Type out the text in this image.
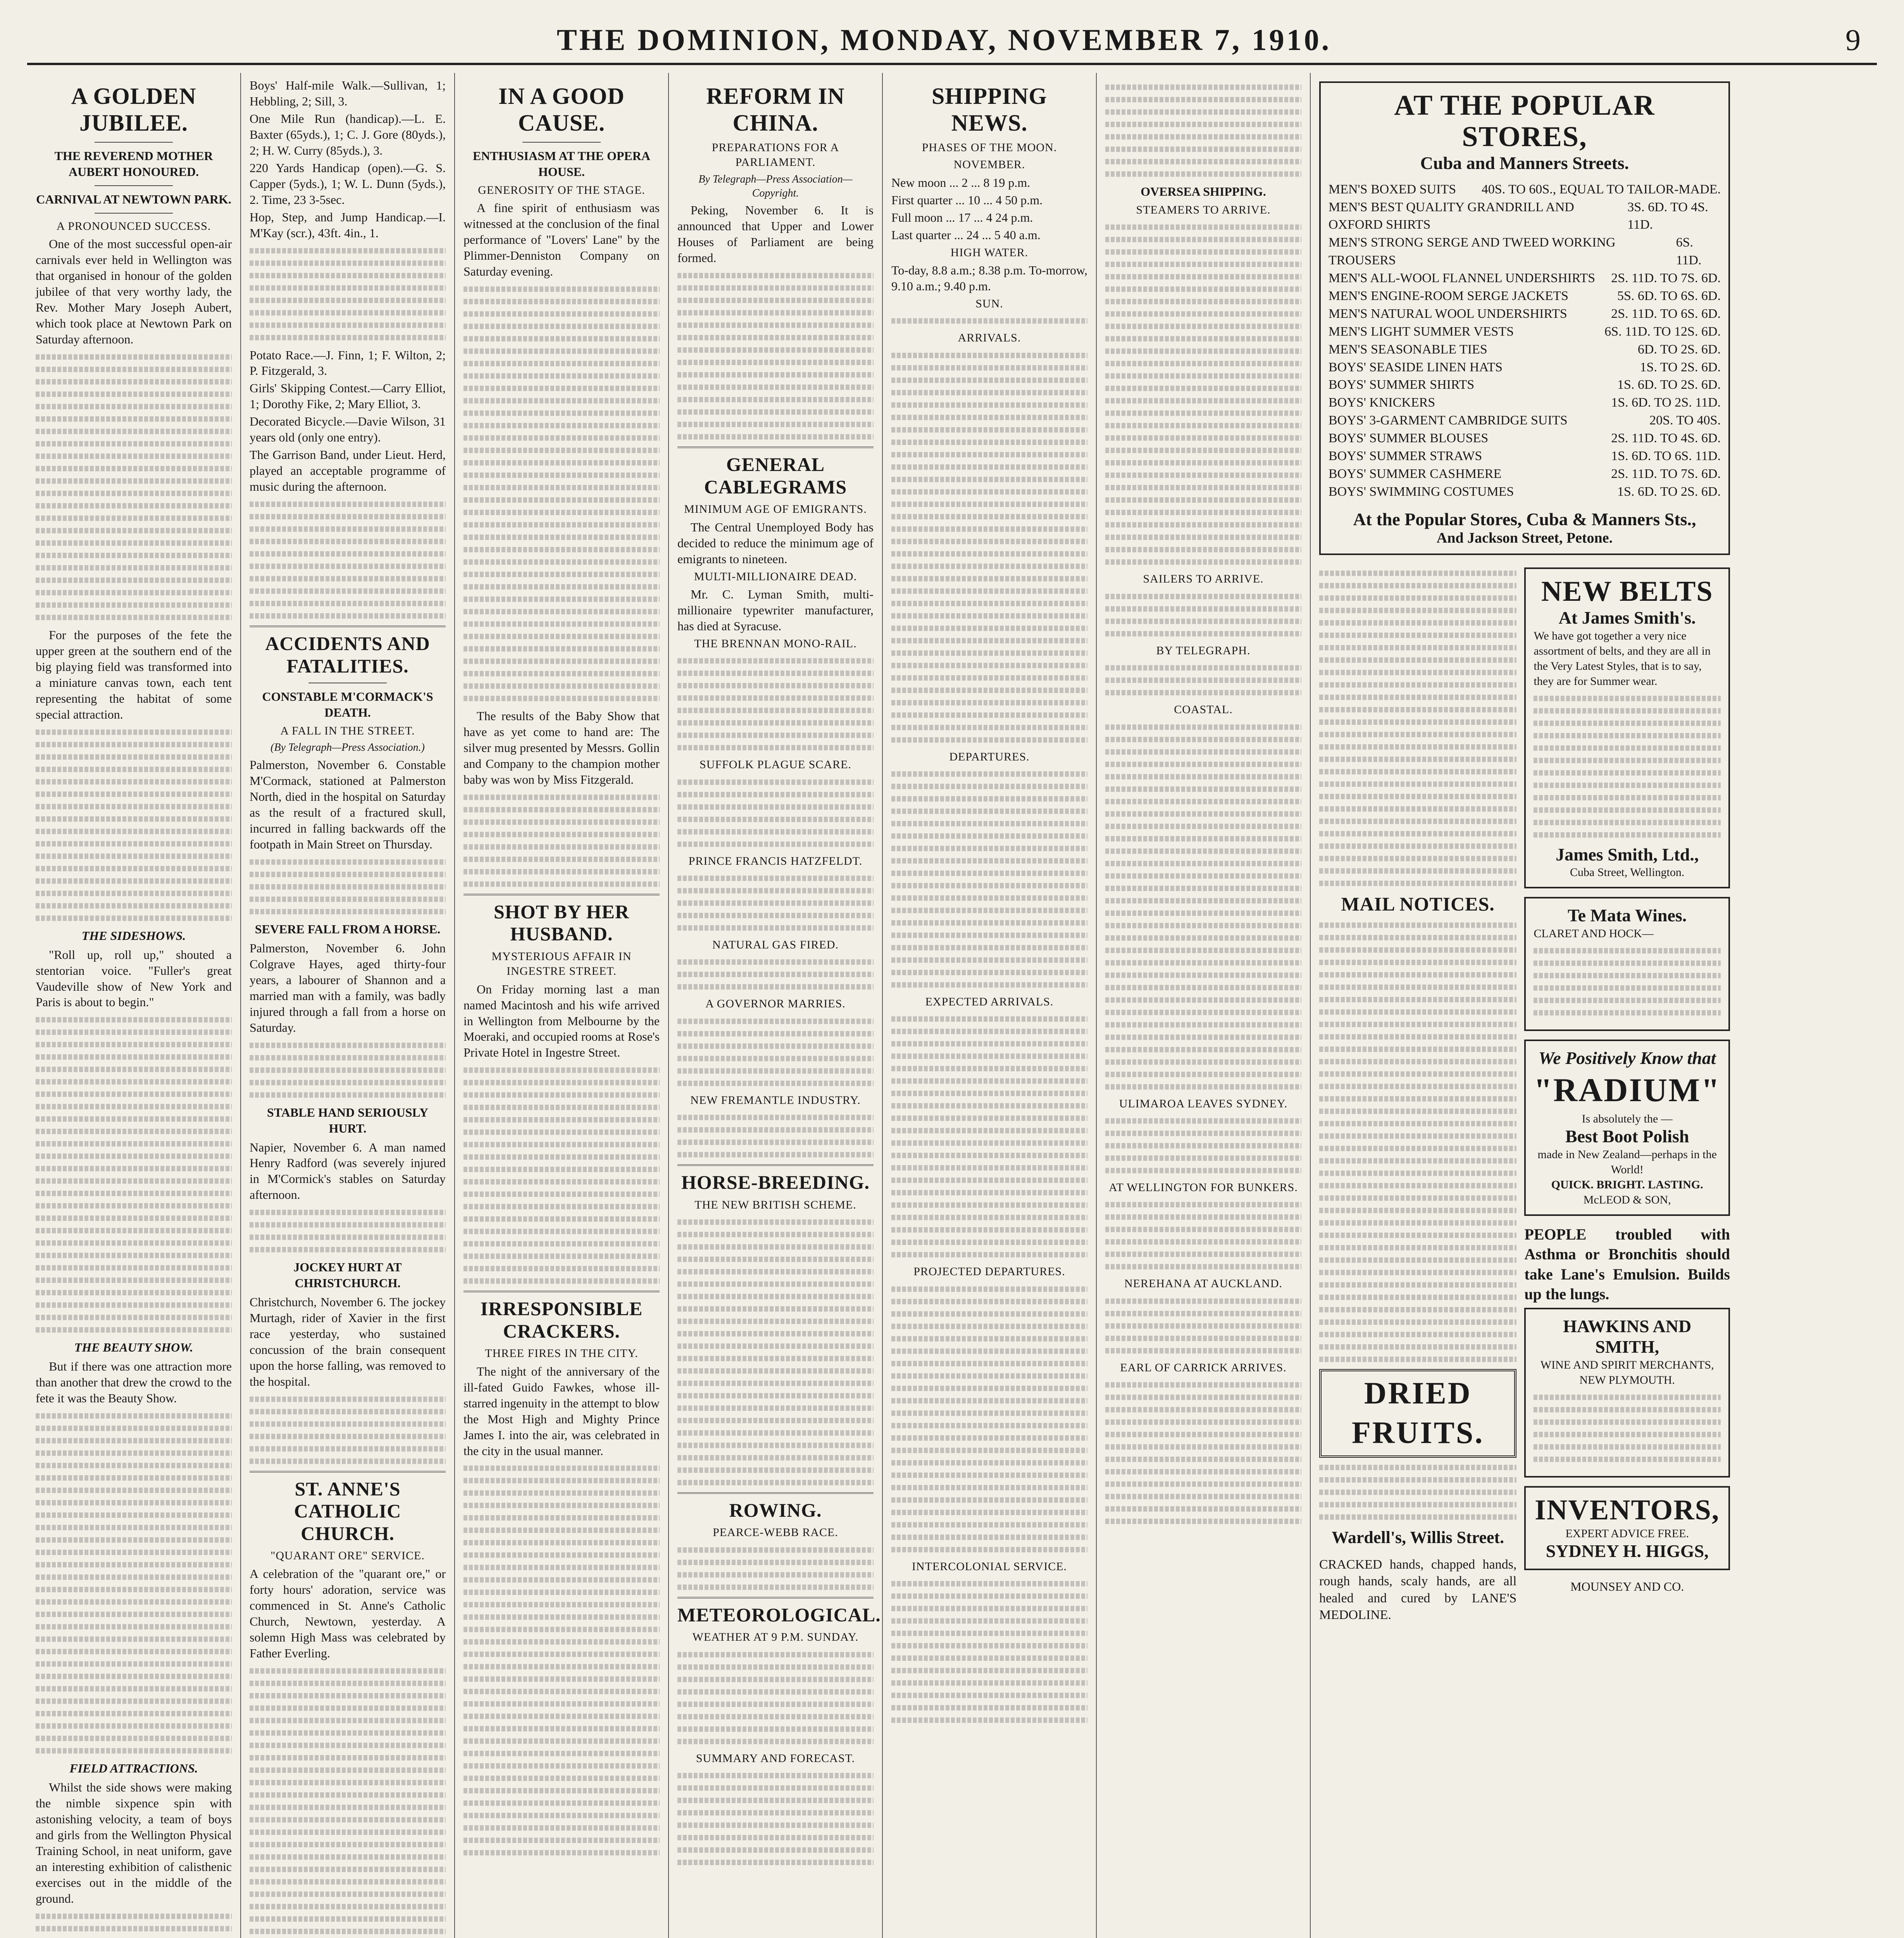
THE DOMINION, MONDAY, NOVEMBER 7, 1910.	9
A GOLDEN JUBILEE.
THE REVEREND MOTHER AUBERT HONOURED.
CARNIVAL AT NEWTOWN PARK.
A PRONOUNCED SUCCESS.

One of the most successful open-air carnivals ever held in Wellington was that organised in honour of the golden jubilee of that very worthy lady, the Rev. Mother Mary Joseph Aubert, which took place at Newtown Park on Saturday afternoon.

For the purposes of the fete the upper green at the southern end of the big playing field was transformed into a miniature canvas town, each tent representing the habitat of some special attraction.

THE SIDESHOWS.

"Roll up, roll up," shouted a stentorian voice. "Fuller's great Vaudeville show of New York and Paris is about to begin."

THE BEAUTY SHOW.

But if there was one attraction more than another that drew the crowd to the fete it was the Beauty Show.

FIELD ATTRACTIONS.

Whilst the side shows were making the nimble sixpence spin with astonishing velocity, a team of boys and girls from the Wellington Physical Training School, in neat uniform, gave an interesting exhibition of calisthenic exercises out in the middle of the ground.

Boys' Half-mile Walk.—Sullivan, 1; Hebbling, 2; Sill, 3.

One Mile Run (handicap).—L. E. Baxter (65yds.), 1; C. J. Gore (80yds.), 2; H. W. Curry (85yds.), 3.

220 Yards Handicap (open).—G. S. Capper (5yds.), 1; W. L. Dunn (5yds.), 2. Time, 23 3-5sec.

Hop, Step, and Jump Handicap.—I. M'Kay (scr.), 43ft. 4in., 1.

Potato Race.—J. Finn, 1; F. Wilton, 2; P. Fitzgerald, 3.

Girls' Skipping Contest.—Carry Elliot, 1; Dorothy Fike, 2; Mary Elliot, 3.

Decorated Bicycle.—Davie Wilson, 31 years old (only one entry).

The Garrison Band, under Lieut. Herd, played an acceptable programme of music during the afternoon.

ACCIDENTS AND FATALITIES.
CONSTABLE M'CORMACK'S DEATH.
A FALL IN THE STREET.
(By Telegraph—Press Association.)

Palmerston, November 6. Constable M'Cormack, stationed at Palmerston North, died in the hospital on Saturday as the result of a fractured skull, incurred in falling backwards off the footpath in Main Street on Thursday.

SEVERE FALL FROM A HORSE.

Palmerston, November 6. John Colgrave Hayes, aged thirty-four years, a labourer of Shannon and a married man with a family, was badly injured through a fall from a horse on Saturday.

STABLE HAND SERIOUSLY HURT.

Napier, November 6. A man named Henry Radford (was severely injured in M'Cormick's stables on Saturday afternoon.

JOCKEY HURT AT CHRISTCHURCH.

Christchurch, November 6. The jockey Murtagh, rider of Xavier in the first race yesterday, who sustained concussion of the brain consequent upon the horse falling, was removed to the hospital.

ST. ANNE'S CATHOLIC CHURCH.
"QUARANT ORE" SERVICE.

A celebration of the "quarant ore," or forty hours' adoration, service was commenced in St. Anne's Catholic Church, Newtown, yesterday. A solemn High Mass was celebrated by Father Everling.

IN A GOOD CAUSE.
ENTHUSIASM AT THE OPERA HOUSE.
GENEROSITY OF THE STAGE.

A fine spirit of enthusiasm was witnessed at the conclusion of the final performance of "Lovers' Lane" by the Plimmer-Denniston Company on Saturday evening.

The results of the Baby Show that have as yet come to hand are: The silver mug presented by Messrs. Gollin and Company to the champion mother baby was won by Miss Fitzgerald.

SHOT BY HER HUSBAND.
MYSTERIOUS AFFAIR IN INGESTRE STREET.

On Friday morning last a man named Macintosh and his wife arrived in Wellington from Melbourne by the Moeraki, and occupied rooms at Rose's Private Hotel in Ingestre Street.

IRRESPONSIBLE CRACKERS.
THREE FIRES IN THE CITY.

The night of the anniversary of the ill-fated Guido Fawkes, whose ill-starred ingenuity in the attempt to blow the Most High and Mighty Prince James I. into the air, was celebrated in the city in the usual manner.

REFORM IN CHINA.
PREPARATIONS FOR A PARLIAMENT.
By Telegraph—Press Association—Copyright.

Peking, November 6. It is announced that Upper and Lower Houses of Parliament are being formed.

GENERAL CABLEGRAMS
MINIMUM AGE OF EMIGRANTS.

The Central Unemployed Body has decided to reduce the minimum age of emigrants to nineteen.

MULTI-MILLIONAIRE DEAD.

Mr. C. Lyman Smith, multi-millionaire typewriter manufacturer, has died at Syracuse.

THE BRENNAN MONO-RAIL.
SUFFOLK PLAGUE SCARE.
PRINCE FRANCIS HATZFELDT.
NATURAL GAS FIRED.
A GOVERNOR MARRIES.
NEW FREMANTLE INDUSTRY.
HORSE-BREEDING.
THE NEW BRITISH SCHEME.
ROWING.
PEARCE-WEBB RACE.
METEOROLOGICAL.
WEATHER AT 9 P.M. SUNDAY.
SUMMARY AND FORECAST.
SHIPPING NEWS.
PHASES OF THE MOON.
NOVEMBER.

New moon ... 2 ... 8 19 p.m.

First quarter ... 10 ... 4 50 p.m.

Full moon ... 17 ... 4 24 p.m.

Last quarter ... 24 ... 5 40 a.m.

HIGH WATER.

To-day, 8.8 a.m.; 8.38 p.m. To-morrow, 9.10 a.m.; 9.40 p.m.

SUN.
ARRIVALS.
DEPARTURES.
EXPECTED ARRIVALS.
PROJECTED DEPARTURES.
INTERCOLONIAL SERVICE.
OVERSEA SHIPPING.
STEAMERS TO ARRIVE.
SAILERS TO ARRIVE.
BY TELEGRAPH.
COASTAL.
ULIMAROA LEAVES SYDNEY.
AT WELLINGTON FOR BUNKERS.
NEREHANA AT AUCKLAND.
EARL OF CARRICK ARRIVES.
AT THE POPULAR STORES,
Cuba and Manners Streets.
MEN'S BOXED SUITS 40S. TO 60S., EQUAL TO TAILOR-MADE.
MEN'S BEST QUALITY GRANDRILL AND OXFORD SHIRTS
3S. 6D. TO 4S. 11D.
MEN'S STRONG SERGE AND TWEED WORKING TROUSERS
6S. 11D.
MEN'S ALL-WOOL FLANNEL UNDERSHIRTS 2S. 11D. TO 7S. 6D.
MEN'S ENGINE-ROOM SERGE JACKETS	5S. 6D. TO 6S. 6D.
MEN'S NATURAL WOOL UNDERSHIRTS	2S. 11D. TO 6S. 6D.
MEN'S LIGHT SUMMER VESTS	6S. 11D. TO 12S. 6D.
MEN'S SEASONABLE TIES	6D. TO 2S. 6D.
BOYS' SEASIDE LINEN HATS	1S. TO 2S. 6D.
BOYS' SUMMER SHIRTS	1S. 6D. TO 2S. 6D.
BOYS' KNICKERS	1S. 6D. TO 2S. 11D.
BOYS' 3-GARMENT CAMBRIDGE SUITS	20S. TO 40S.
BOYS' SUMMER BLOUSES	2S. 11D. TO 4S. 6D.
BOYS' SUMMER STRAWS	1S. 6D. TO 6S. 11D.
BOYS' SUMMER CASHMERE	2S. 11D. TO 7S. 6D.
BOYS' SWIMMING COSTUMES	1S. 6D. TO 2S. 6D.
At the Popular Stores, Cuba & Manners Sts.,
And Jackson Street, Petone.
MAIL NOTICES.
DRIED FRUITS.
Wardell's, Willis Street.

CRACKED hands, chapped hands, rough hands, scaly hands, are all healed and cured by LANE'S MEDOLINE.

NEW BELTS
At James Smith's.
We have got together a very nice assortment of belts, and they are all in the Very Latest Styles, that is to say, they are for Summer wear.
James Smith, Ltd.,
Cuba Street, Wellington.
Te Mata Wines.
CLARET AND HOCK—
We Positively Know that
"RADIUM"
Is absolutely the —
Best Boot Polish
made in New Zealand—perhaps in the World!
QUICK. BRIGHT. LASTING.
McLEOD & SON,

PEOPLE troubled with Asthma or Bronchitis should take Lane's Emulsion. Builds up the lungs.

HAWKINS AND SMITH,
WINE AND SPIRIT MERCHANTS, NEW PLYMOUTH.
INVENTORS,
EXPERT ADVICE FREE.
SYDNEY H. HIGGS,
MOUNSEY AND CO.
